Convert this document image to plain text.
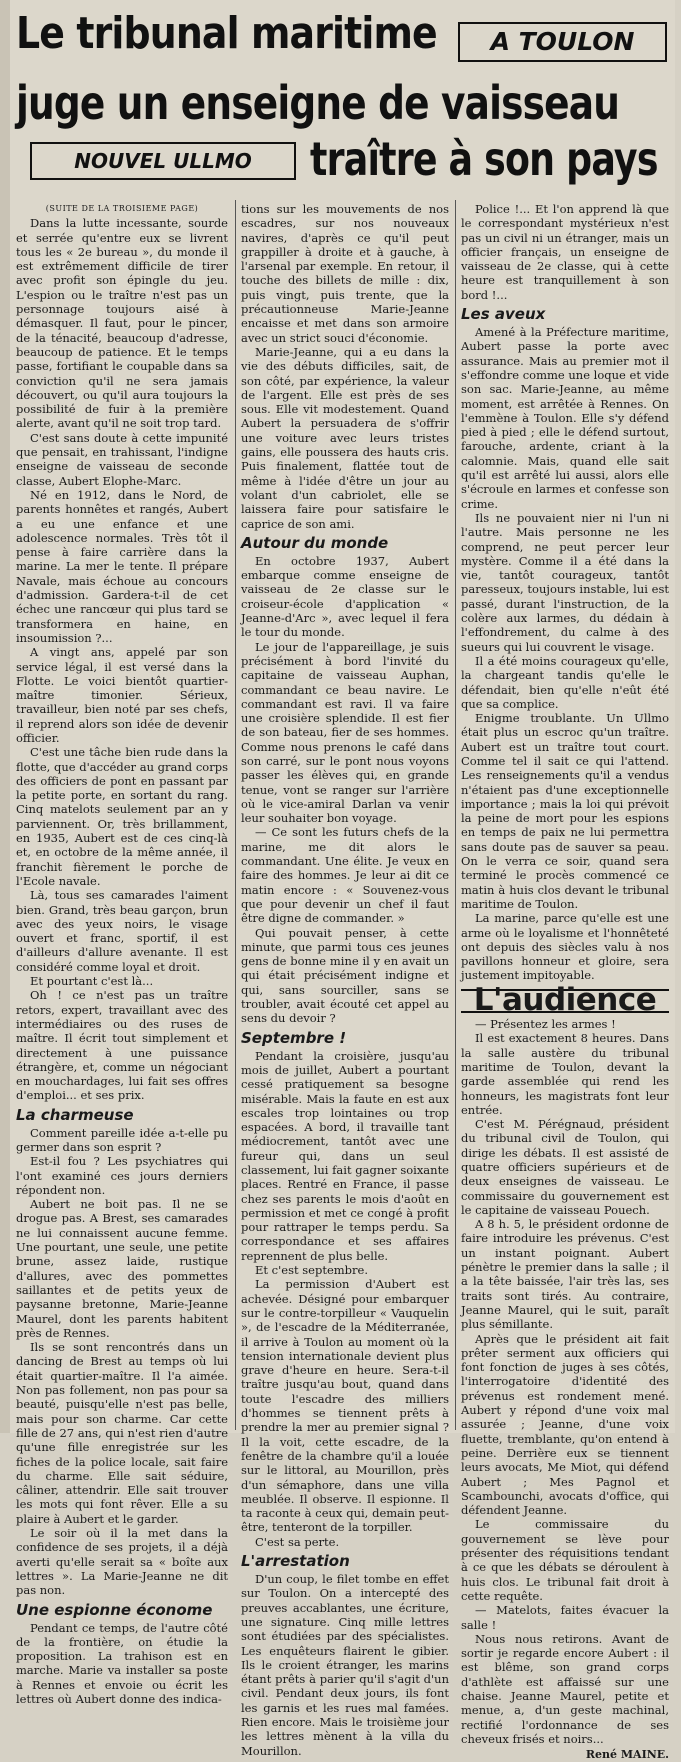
Le tribunal maritime	A TOULON
juge un enseigne de vaisseau
NOUVEL ULLMO	traître à son pays

(SUITE DE LA TROISIEME PAGE)

Dans la lutte incessante, sourde et serrée qu'entre eux se livrent tous les « 2e bureau », du monde il est extrêmement difficile de tirer avec profit son épingle du jeu. L'espion ou le traître n'est pas un personnage toujours aisé à démasquer. Il faut, pour le pincer, de la ténacité, beaucoup d'adresse, beaucoup de patience. Et le temps passe, fortifiant le coupable dans sa conviction qu'il ne sera jamais découvert, ou qu'il aura toujours la possibilité de fuir à la première alerte, avant qu'il ne soit trop tard.

C'est sans doute à cette impunité que pensait, en trahissant, l'indigne enseigne de vaisseau de seconde classe, Aubert Elophe-Marc.

Né en 1912, dans le Nord, de parents honnêtes et rangés, Aubert a eu une enfance et une adolescence normales. Très tôt il pense à faire carrière dans la marine. La mer le tente. Il prépare Navale, mais échoue au concours d'admission. Gardera-t-il de cet échec une rancœur qui plus tard se transformera en haine, en insoumission ?...

A vingt ans, appelé par son service légal, il est versé dans la Flotte. Le voici bientôt quartier-maître timonier. Sérieux, travailleur, bien noté par ses chefs, il reprend alors son idée de devenir officier.

C'est une tâche bien rude dans la flotte, que d'accéder au grand corps des officiers de pont en passant par la petite porte, en sortant du rang. Cinq matelots seulement par an y parviennent. Or, très brillamment, en 1935, Aubert est de ces cinq-là et, en octobre de la même année, il franchit fièrement le porche de l'Ecole navale.

Là, tous ses camarades l'aiment bien. Grand, très beau garçon, brun avec des yeux noirs, le visage ouvert et franc, sportif, il est d'ailleurs d'allure avenante. Il est considéré comme loyal et droit.

Et pourtant c'est là...

Oh ! ce n'est pas un traître retors, expert, travaillant avec des intermédiaires ou des ruses de maître. Il écrit tout simplement et directement à une puissance étrangère, et, comme un négociant en mouchardages, lui fait ses offres d'emploi... et ses prix.

La charmeuse

Comment pareille idée a-t-elle pu germer dans son esprit ?

Est-il fou ? Les psychiatres qui l'ont examiné ces jours derniers répondent non.

Aubert ne boit pas. Il ne se drogue pas. A Brest, ses camarades ne lui connaissent aucune femme. Une pourtant, une seule, une petite brune, assez laide, rustique d'allures, avec des pommettes saillantes et de petits yeux de paysanne bretonne, Marie-Jeanne Maurel, dont les parents habitent près de Rennes.

Ils se sont rencontrés dans un dancing de Brest au temps où lui était quartier-maître. Il l'a aimée. Non pas follement, non pas pour sa beauté, puisqu'elle n'est pas belle, mais pour son charme. Car cette fille de 27 ans, qui n'est rien d'autre qu'une fille enregistrée sur les fiches de la police locale, sait faire du charme. Elle sait séduire, câliner, attendrir. Elle sait trouver les mots qui font rêver. Elle a su plaire à Aubert et le garder.

Le soir où il la met dans la confidence de ses projets, il a déjà averti qu'elle serait sa « boîte aux lettres ». La Marie-Jeanne ne dit pas non.

Une espionne économe

Pendant ce temps, de l'autre côté de la frontière, on étudie la proposition. La trahison est en marche. Marie va installer sa poste à Rennes et envoie ou écrit les lettres où Aubert donne des indica-

tions sur les mouvements de nos escadres, sur nos nouveaux navires, d'après ce qu'il peut grappiller à droite et à gauche, à l'arsenal par exemple. En retour, il touche des billets de mille : dix, puis vingt, puis trente, que la précautionneuse Marie-Jeanne encaisse et met dans son armoire avec un strict souci d'économie.

Marie-Jeanne, qui a eu dans la vie des débuts difficiles, sait, de son côté, par expérience, la valeur de l'argent. Elle est près de ses sous. Elle vit modestement. Quand Aubert la persuadera de s'offrir une voiture avec leurs tristes gains, elle poussera des hauts cris. Puis finalement, flattée tout de même à l'idée d'être un jour au volant d'un cabriolet, elle se laissera faire pour satisfaire le caprice de son ami.

Autour du monde

En octobre 1937, Aubert embarque comme enseigne de vaisseau de 2e classe sur le croiseur-école d'application « Jeanne-d'Arc », avec lequel il fera le tour du monde.

Le jour de l'appareillage, je suis précisément à bord l'invité du capitaine de vaisseau Auphan, commandant ce beau navire. Le commandant est ravi. Il va faire une croisière splendide. Il est fier de son bateau, fier de ses hommes. Comme nous prenons le café dans son carré, sur le pont nous voyons passer les élèves qui, en grande tenue, vont se ranger sur l'arrière où le vice-amiral Darlan va venir leur souhaiter bon voyage.

— Ce sont les futurs chefs de la marine, me dit alors le commandant. Une élite. Je veux en faire des hommes. Je leur ai dit ce matin encore : « Souvenez-vous que pour devenir un chef il faut être digne de commander. »

Qui pouvait penser, à cette minute, que parmi tous ces jeunes gens de bonne mine il y en avait un qui était précisément indigne et qui, sans sourciller, sans se troubler, avait écouté cet appel au sens du devoir ?

Septembre !

Pendant la croisière, jusqu'au mois de juillet, Aubert a pourtant cessé pratiquement sa besogne misérable. Mais la faute en est aux escales trop lointaines ou trop espacées. A bord, il travaille tant médiocrement, tantôt avec une fureur qui, dans un seul classement, lui fait gagner soixante places. Rentré en France, il passe chez ses parents le mois d'août en permission et met ce congé à profit pour rattraper le temps perdu. Sa correspondance et ses affaires reprennent de plus belle.

Et c'est septembre.

La permission d'Aubert est achevée. Désigné pour embarquer sur le contre-torpilleur « Vauquelin », de l'escadre de la Méditerranée, il arrive à Toulon au moment où la tension internationale devient plus grave d'heure en heure. Sera-t-il traître jusqu'au bout, quand dans toute l'escadre des milliers d'hommes se tiennent prêts à prendre la mer au premier signal ? Il la voit, cette escadre, de la fenêtre de la chambre qu'il a louée sur le littoral, au Mourillon, près d'un sémaphore, dans une villa meublée. Il observe. Il espionne. Il ta raconte à ceux qui, demain peut-être, tenteront de la torpiller.

C'est sa perte.

L'arrestation

D'un coup, le filet tombe en effet sur Toulon. On a intercepté des preuves accablantes, une écriture, une signature. Cinq mille lettres sont étudiées par des spécialistes. Les enquêteurs flairent le gibier. Ils le croient étranger, les marins étant prêts à parier qu'il s'agit d'un civil. Pendant deux jours, ils font les garnis et les rues mal famées. Rien encore. Mais le troisième jour les lettres mènent à la villa du Mourillon.

Police !... Et l'on apprend là que le correspondant mystérieux n'est pas un civil ni un étranger, mais un officier français, un enseigne de vaisseau de 2e classe, qui à cette heure est tranquillement à son bord !...

Les aveux

Amené à la Préfecture maritime, Aubert passe la porte avec assurance. Mais au premier mot il s'effondre comme une loque et vide son sac. Marie-Jeanne, au même moment, est arrêtée à Rennes. On l'emmène à Toulon. Elle s'y défend pied à pied ; elle le défend surtout, farouche, ardente, criant à la calomnie. Mais, quand elle sait qu'il est arrêté lui aussi, alors elle s'écroule en larmes et confesse son crime.

Ils ne pouvaient nier ni l'un ni l'autre. Mais personne ne les comprend, ne peut percer leur mystère. Comme il a été dans la vie, tantôt courageux, tantôt paresseux, toujours instable, lui est passé, durant l'instruction, de la colère aux larmes, du dédain à l'effondrement, du calme à des sueurs qui lui couvrent le visage.

Il a été moins courageux qu'elle, la chargeant tandis qu'elle le défendait, bien qu'elle n'eût été que sa complice.

Enigme troublante. Un Ullmo était plus un escroc qu'un traître. Aubert est un traître tout court. Comme tel il sait ce qui l'attend. Les renseignements qu'il a vendus n'étaient pas d'une exceptionnelle importance ; mais la loi qui prévoit la peine de mort pour les espions en temps de paix ne lui permettra sans doute pas de sauver sa peau. On le verra ce soir, quand sera terminé le procès commencé ce matin à huis clos devant le tribunal maritime de Toulon.

La marine, parce qu'elle est une arme où le loyalisme et l'honnêteté ont depuis des siècles valu à nos pavillons honneur et gloire, sera justement impitoyable.

L'audience

— Présentez les armes !

Il est exactement 8 heures. Dans la salle austère du tribunal maritime de Toulon, devant la garde assemblée qui rend les honneurs, les magistrats font leur entrée.

C'est M. Pérégnaud, président du tribunal civil de Toulon, qui dirige les débats. Il est assisté de quatre officiers supérieurs et de deux enseignes de vaisseau. Le commissaire du gouvernement est le capitaine de vaisseau Pouech.

A 8 h. 5, le président ordonne de faire introduire les prévenus. C'est un instant poignant. Aubert pénètre le premier dans la salle ; il a la tête baissée, l'air très las, ses traits sont tirés. Au contraire, Jeanne Maurel, qui le suit, paraît plus sémillante.

Après que le président ait fait prêter serment aux officiers qui font fonction de juges à ses côtés, l'interrogatoire d'identité des prévenus est rondement mené. Aubert y répond d'une voix mal assurée ; Jeanne, d'une voix fluette, tremblante, qu'on entend à peine. Derrière eux se tiennent leurs avocats, Me Miot, qui défend Aubert ; Mes Pagnol et Scambounchi, avocats d'office, qui défendent Jeanne.

Le commissaire du gouvernement se lève pour présenter des réquisitions tendant à ce que les débats se déroulent à huis clos. Le tribunal fait droit à cette requête.

— Matelots, faites évacuer la salle !

Nous nous retirons. Avant de sortir je regarde encore Aubert : il est blême, son grand corps d'athlète est affaissé sur une chaise. Jeanne Maurel, petite et menue, a, d'un geste machinal, rectifié l'ordonnance de ses cheveux frisés et noirs...

René MAINE.
